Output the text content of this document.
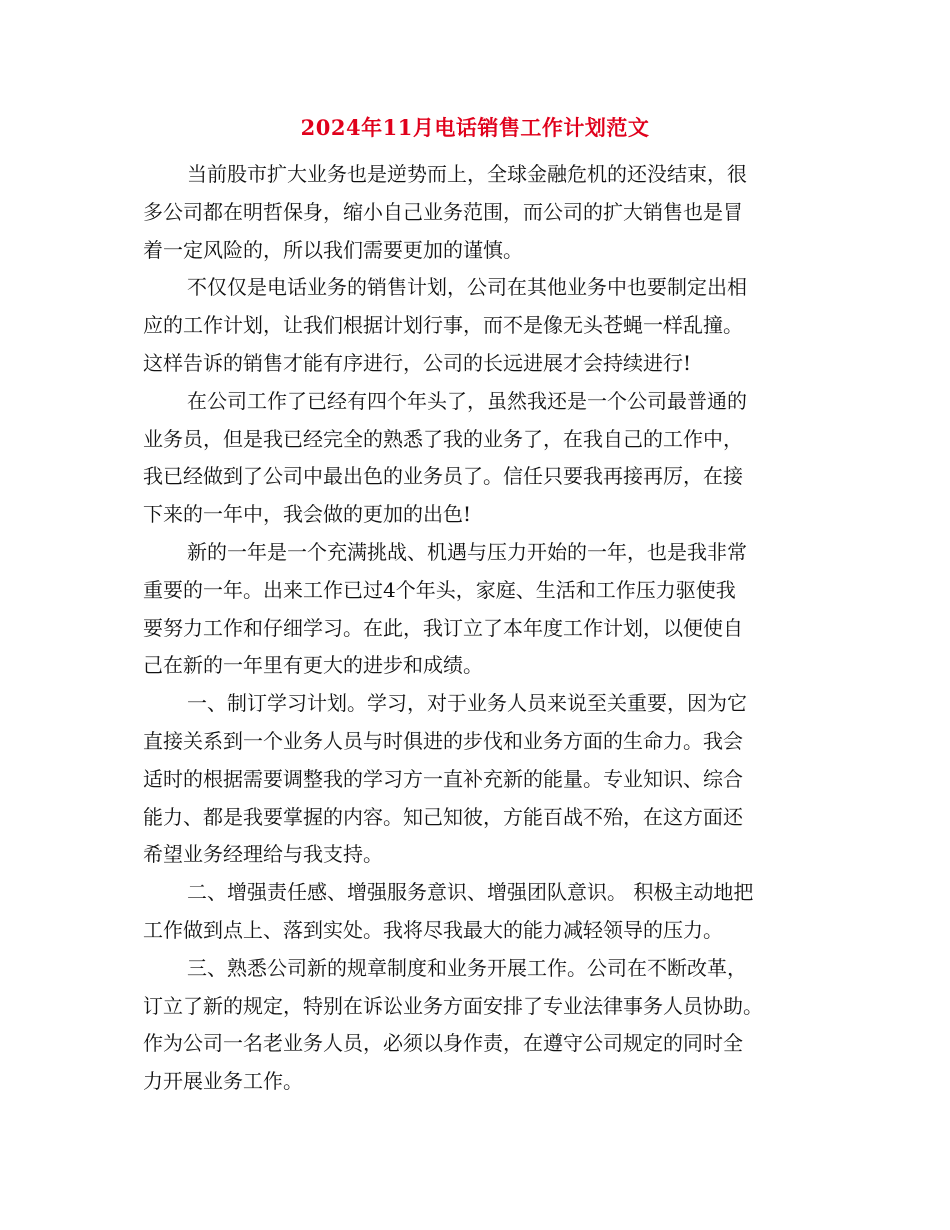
2024年11月电话销售工作计划范文
当前股市扩大业务也是逆势而上，全球金融危机的还没结束，很
多公司都在明哲保身，缩小自己业务范围，而公司的扩大销售也是冒
着一定风险的，所以我们需要更加的谨慎。
不仅仅是电话业务的销售计划，公司在其他业务中也要制定出相
应的工作计划，让我们根据计划行事，而不是像无头苍蝇一样乱撞。
这样告诉的销售才能有序进行，公司的长远进展才会持续进行!
在公司工作了已经有四个年头了，虽然我还是一个公司最普通的
业务员，但是我已经完全的熟悉了我的业务了，在我自己的工作中，
我已经做到了公司中最出色的业务员了。信任只要我再接再厉，在接
下来的一年中，我会做的更加的出色!
新的一年是一个充满挑战、机遇与压力开始的一年，也是我非常
重要的一年。出来工作已过4个年头，家庭、生活和工作压力驱使我
要努力工作和仔细学习。在此，我订立了本年度工作计划，以便使自
己在新的一年里有更大的进步和成绩。
一、制订学习计划。学习，对于业务人员来说至关重要，因为它
直接关系到一个业务人员与时俱进的步伐和业务方面的生命力。我会
适时的根据需要调整我的学习方一直补充新的能量。专业知识、综合
能力、都是我要掌握的内容。知己知彼，方能百战不殆，在这方面还
希望业务经理给与我支持。
二、增强责任感、增强服务意识、增强团队意识。 积极主动地把
工作做到点上、落到实处。我将尽我最大的能力减轻领导的压力。
三、熟悉公司新的规章制度和业务开展工作。公司在不断改革，
订立了新的规定，特别在诉讼业务方面安排了专业法律事务人员协助。
作为公司一名老业务人员，必须以身作责，在遵守公司规定的同时全
力开展业务工作。
